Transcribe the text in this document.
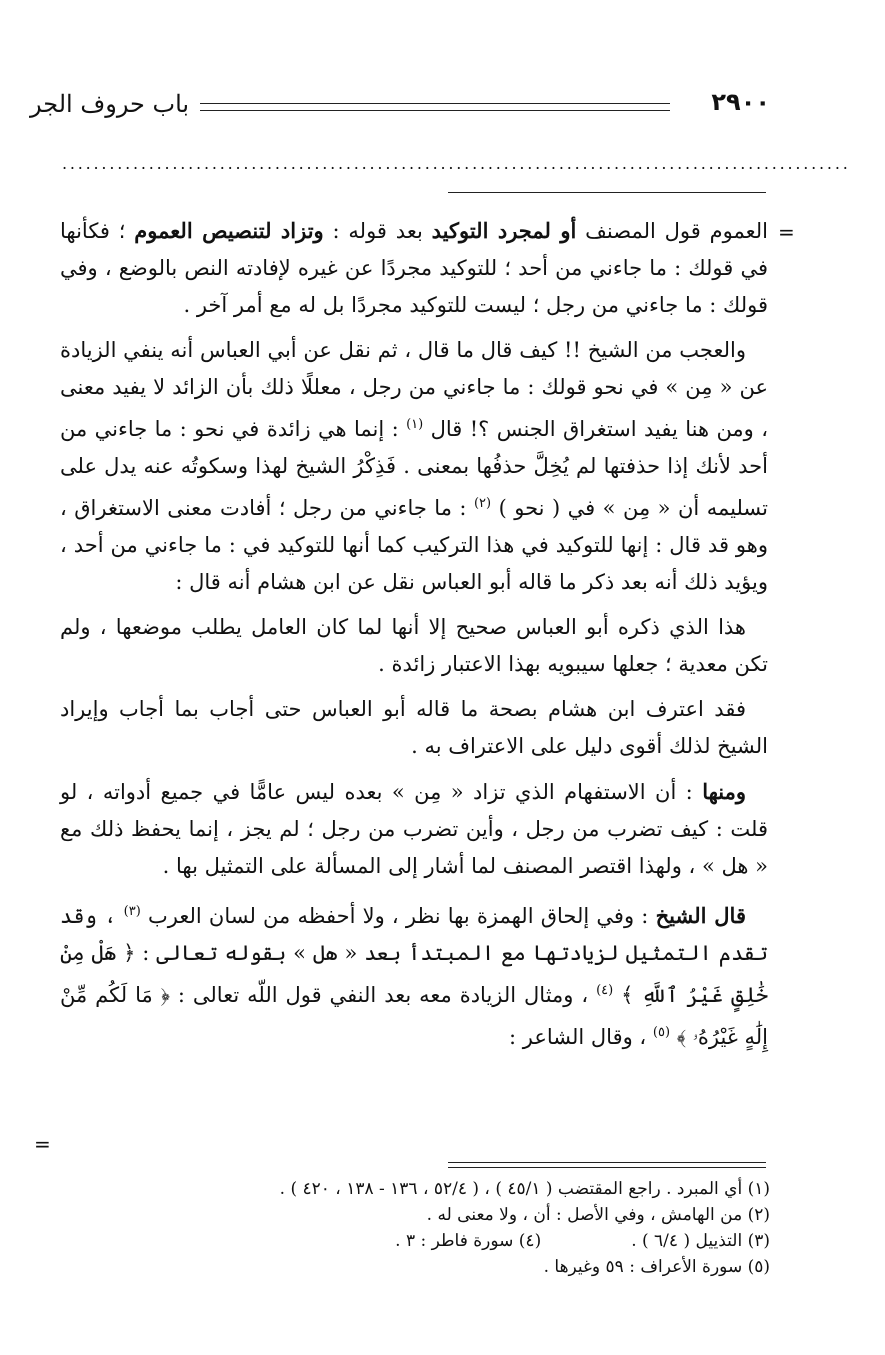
٢٩٠٠
باب حروف الجر
....................................................................................................
=

العموم قول المصنف أو لمجرد التوكيد بعد قوله : وتزاد لتنصيص العموم ؛ فكأنها في قولك : ما جاءني من أحد ؛ للتوكيد مجردًا عن غيره لإفادته النص بالوضع ، وفي قولك : ما جاءني من رجل ؛ ليست للتوكيد مجردًا بل له مع أمر آخر .

والعجب من الشيخ !! كيف قال ما قال ، ثم نقل عن أبي العباس أنه ينفي الزيادة عن « مِن » في نحو قولك : ما جاءني من رجل ، معللًا ذلك بأن الزائد لا يفيد معنى ، ومن هنا يفيد استغراق الجنس ؟! قال $^{(١)}$ : إنما هي زائدة في نحو : ما جاءني من أحد لأنك إذا حذفتها لم يُخِلَّ حذفُها بمعنى . فَذِكْرُ الشيخ لهذا وسكوتُه عنه يدل على تسليمه أن « مِن » في ( نحو ) $^{(٢)}$ : ما جاءني من رجل ؛ أفادت معنى الاستغراق ، وهو قد قال : إنها للتوكيد في هذا التركيب كما أنها للتوكيد في : ما جاءني من أحد ، ويؤيد ذلك أنه بعد ذكر ما قاله أبو العباس نقل عن ابن هشام أنه قال :

هذا الذي ذكره أبو العباس صحيح إلا أنها لما كان العامل يطلب موضعها ، ولم تكن معدية ؛ جعلها سيبويه بهذا الاعتبار زائدة .

فقد اعترف ابن هشام بصحة ما قاله أبو العباس حتى أجاب بما أجاب وإيراد الشيخ لذلك أقوى دليل على الاعتراف به .

ومنها : أن الاستفهام الذي تزاد « مِن » بعده ليس عامًّا في جميع أدواته ، لو قلت : كيف تضرب من رجل ، وأين تضرب من رجل ؛ لم يجز ، إنما يحفظ ذلك مع « هل » ، ولهذا اقتصر المصنف لما أشار إلى المسألة على التمثيل بها .

قال الشيخ : وفي إلحاق الهمزة بها نظر ، ولا أحفظه من لسان العرب $^{(٣)}$ ، وقد تقدم التمثيل لزيادتها مع المبتدأ بعد « هل » بقوله تعالى : ﴿ هَلْ مِنْ خَٰلِقٍ غَيْرُ ٱللَّهِ ﴾ $^{(٤)}$ ، ومثال الزيادة معه بعد النفي قول اللّه تعالى : ﴿ مَا لَكُم مِّنْ إِلَٰهٍ غَيْرُهُۥ ﴾ $^{(٥)}$ ، وقال الشاعر :

=

(١) أي المبرد . راجع المقتضب ( ٤٥/١ ) ، ( ٥٢/٤ ، ١٣٦ - ١٣٨ ، ٤٢٠ ) .

(٢) من الهامش ، وفي الأصل : أن ، ولا معنى له .

(٣) التذييل ( ٦/٤ ) .

(٤) سورة فاطر : ٣ .

(٥) سورة الأعراف : ٥٩ وغيرها .
